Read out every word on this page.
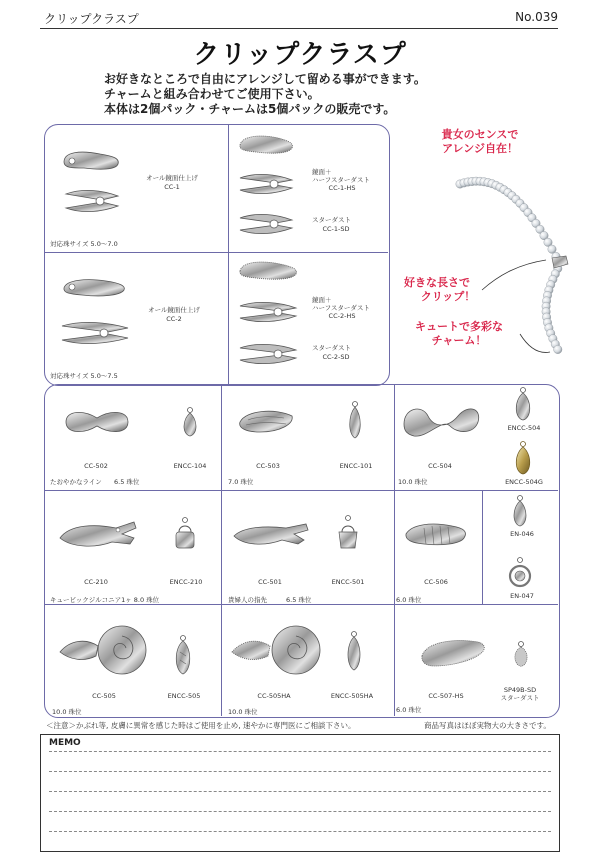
クリップクラスプ	No.039
クリップクラスプ
お好きなところで自由にアレンジして留める事ができます。
チャームと組み合わせてご使用下さい。
本体は2個パック・チャームは5個パックの販売です。
オール鏡面仕上げ
CC-1
対応珠サイズ 5.0〜7.0
鏡面＋
ハーフスターダスト
CC-1-HS
スターダスト
CC-1-SD
オール鏡面仕上げ
CC-2
対応珠サイズ 5.0〜7.5
鏡面＋
ハーフスターダスト
CC-2-HS
スターダスト
CC-2-SD
貴女のセンスで
アレンジ自在！
好きな長さで
クリップ！
キュートで多彩な
チャーム！
CC-502	ENCC-104
たおやかなライン 6.5 珠位
CC-503	ENCC-101
7.0 珠位
CC-504
ENCC-504
ENCC-504G
10.0 珠位
CC-210	ENCC-210
キュービックジルコニア1ヶ 8.0 珠位
CC-501	ENCC-501
貴婦人の指先	6.5 珠位
CC-506
EN-046
EN-047
6.0 珠位
CC-505	ENCC-505
10.0 珠位
CC-505HA	ENCC-505HA
10.0 珠位
CC-507-HS
SP49B-SD
スターダスト
6.0 珠位
＜注意＞かぶれ等, 皮膚に異常を感じた時はご使用を止め, 速やかに専門医にご相談下さい。	商品写真はほぼ実物大の大きさです。
MEMO
